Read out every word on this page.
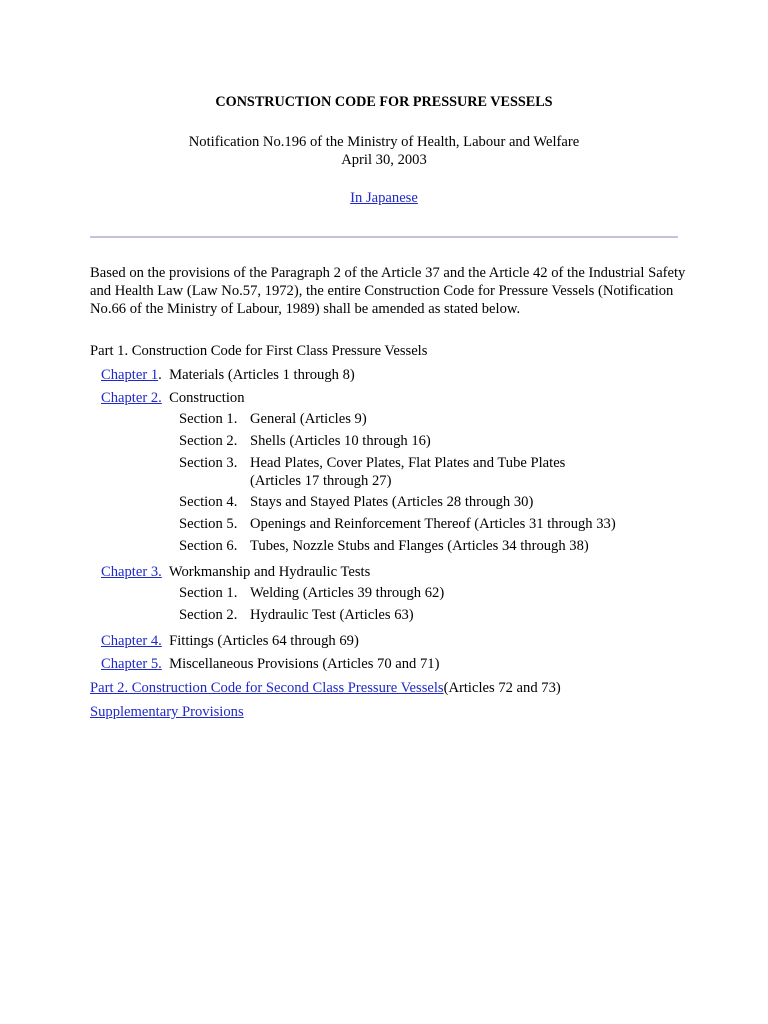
CONSTRUCTION CODE FOR PRESSURE VESSELS
Notification No.196 of the Ministry of Health, Labour and Welfare
April 30, 2003
In Japanese
Based on the provisions of the Paragraph 2 of the Article 37 and the Article 42 of the Industrial Safety and Health Law (Law No.57, 1972), the entire Construction Code for Pressure Vessels (Notification No.66 of the Ministry of Labour, 1989) shall be amended as stated below.
Part 1. Construction Code for First Class Pressure Vessels
Chapter 1. Materials (Articles 1 through 8)
Chapter 2. Construction
Section 1. General (Articles 9)
Section 2. Shells (Articles 10 through 16)
Section 3. Head Plates, Cover Plates, Flat Plates and Tube Plates
(Articles 17 through 27)
Section 4. Stays and Stayed Plates (Articles 28 through 30)
Section 5. Openings and Reinforcement Thereof (Articles 31 through 33)
Section 6. Tubes, Nozzle Stubs and Flanges (Articles 34 through 38)
Chapter 3. Workmanship and Hydraulic Tests
Section 1. Welding (Articles 39 through 62)
Section 2. Hydraulic Test (Articles 63)
Chapter 4. Fittings (Articles 64 through 69)
Chapter 5. Miscellaneous Provisions (Articles 70 and 71)
Part 2. Construction Code for Second Class Pressure Vessels(Articles 72 and 73)
Supplementary Provisions
